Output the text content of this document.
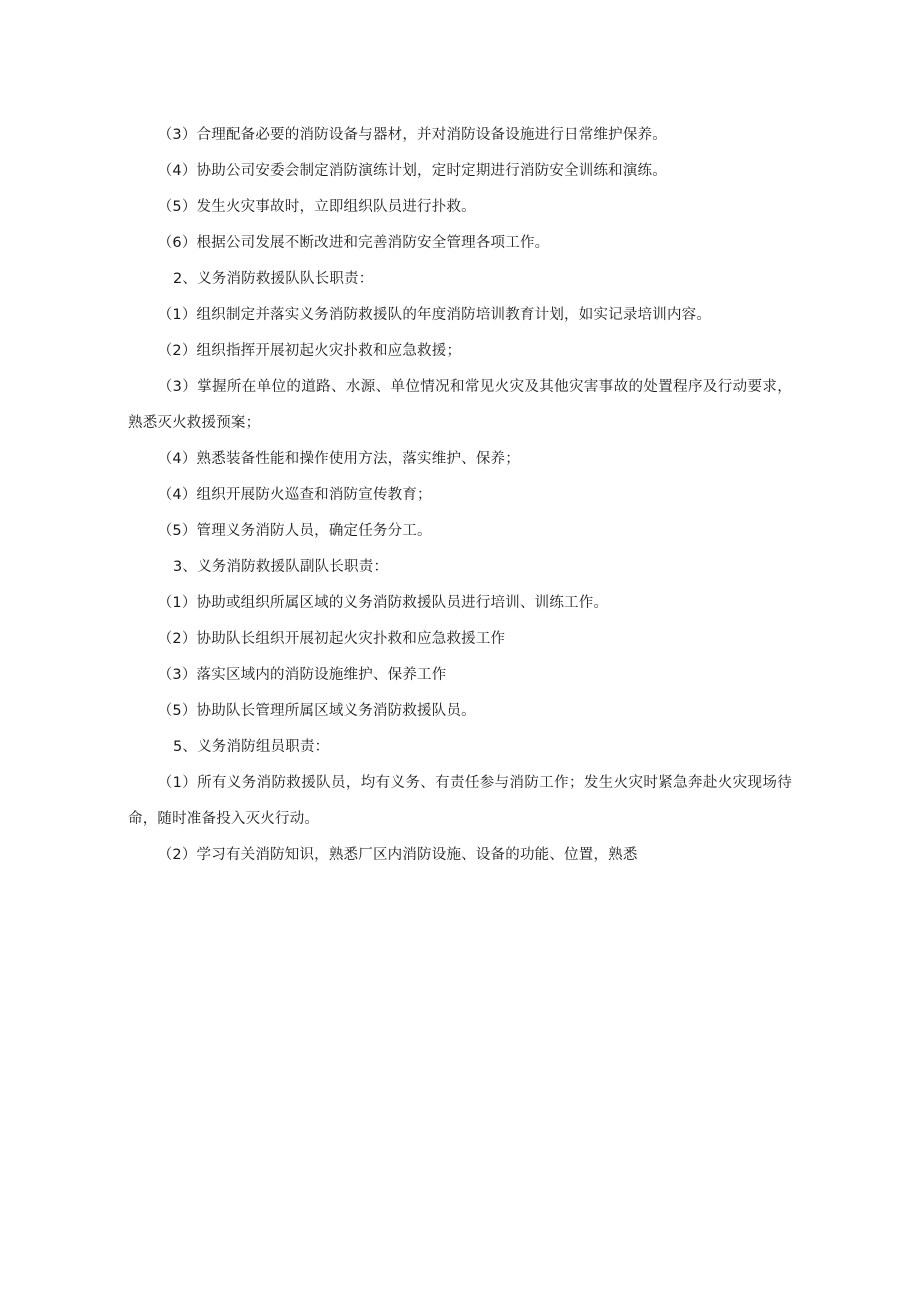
（3）合理配备必要的消防设备与器材，并对消防设备设施进行日常维护保养。

（4）协助公司安委会制定消防演练计划，定时定期进行消防安全训练和演练。

（5）发生火灾事故时，立即组织队员进行扑救。

（6）根据公司发展不断改进和完善消防安全管理各项工作。

2、义务消防救援队队长职责：

（1）组织制定并落实义务消防救援队的年度消防培训教育计划，如实记录培训内容。

（2）组织指挥开展初起火灾扑救和应急救援；

（3）掌握所在单位的道路、水源、单位情况和常见火灾及其他灾害事故的处置程序及行动要求，熟悉灭火救援预案；

（4）熟悉装备性能和操作使用方法，落实维护、保养；

（4）组织开展防火巡查和消防宣传教育；

（5）管理义务消防人员，确定任务分工。

3、义务消防救援队副队长职责：

（1）协助或组织所属区域的义务消防救援队员进行培训、训练工作。

（2）协助队长组织开展初起火灾扑救和应急救援工作

（3）落实区域内的消防设施维护、保养工作

（5）协助队长管理所属区域义务消防救援队员。

5、义务消防组员职责：

（1）所有义务消防救援队员，均有义务、有责任参与消防工作；发生火灾时紧急奔赴火灾现场待命，随时准备投入灭火行动。

（2）学习有关消防知识，熟悉厂区内消防设施、设备的功能、位置，熟悉
